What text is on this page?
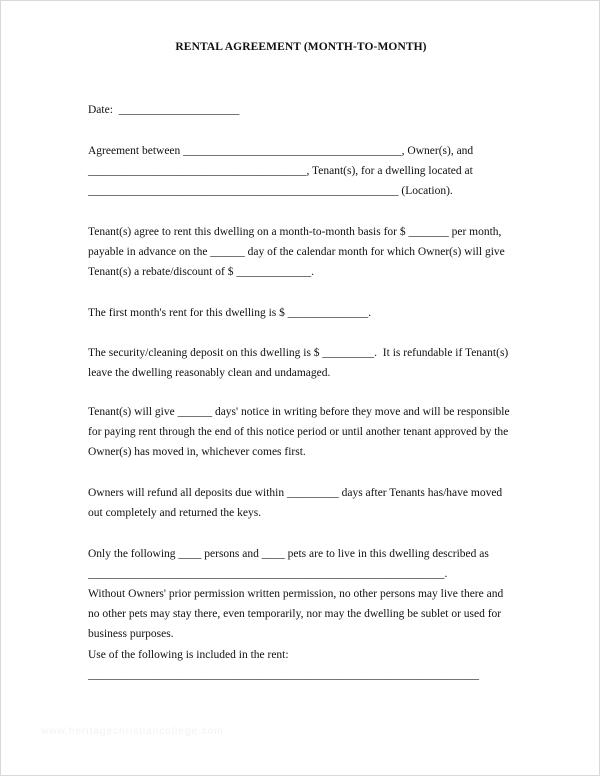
RENTAL AGREEMENT (MONTH-TO-MONTH)
Date:  _____________________
Agreement between ______________________________________, Owner(s), and
______________________________________, Tenant(s), for a dwelling located at
______________________________________________________ (Location).
Tenant(s) agree to rent this dwelling on a month-to-month basis for $ _______ per month,
payable in advance on the ______ day of the calendar month for which Owner(s) will give
Tenant(s) a rebate/discount of $ _____________.
The first month's rent for this dwelling is $ ______________.
The security/cleaning deposit on this dwelling is $ _________.  It is refundable if Tenant(s)
leave the dwelling reasonably clean and undamaged.
Tenant(s) will give ______ days' notice in writing before they move and will be responsible
for paying rent through the end of this notice period or until another tenant approved by the
Owner(s) has moved in, whichever comes first.
Owners will refund all deposits due within _________ days after Tenants has/have moved
out completely and returned the keys.
Only the following ____ persons and ____ pets are to live in this dwelling described as
______________________________________________________________.
Without Owners' prior permission written permission, no other persons may live there and
no other pets may stay there, even temporarily, nor may the dwelling be sublet or used for
business purposes.
Use of the following is included in the rent:
____________________________________________________________________
www.heritagechristiancollege.com
